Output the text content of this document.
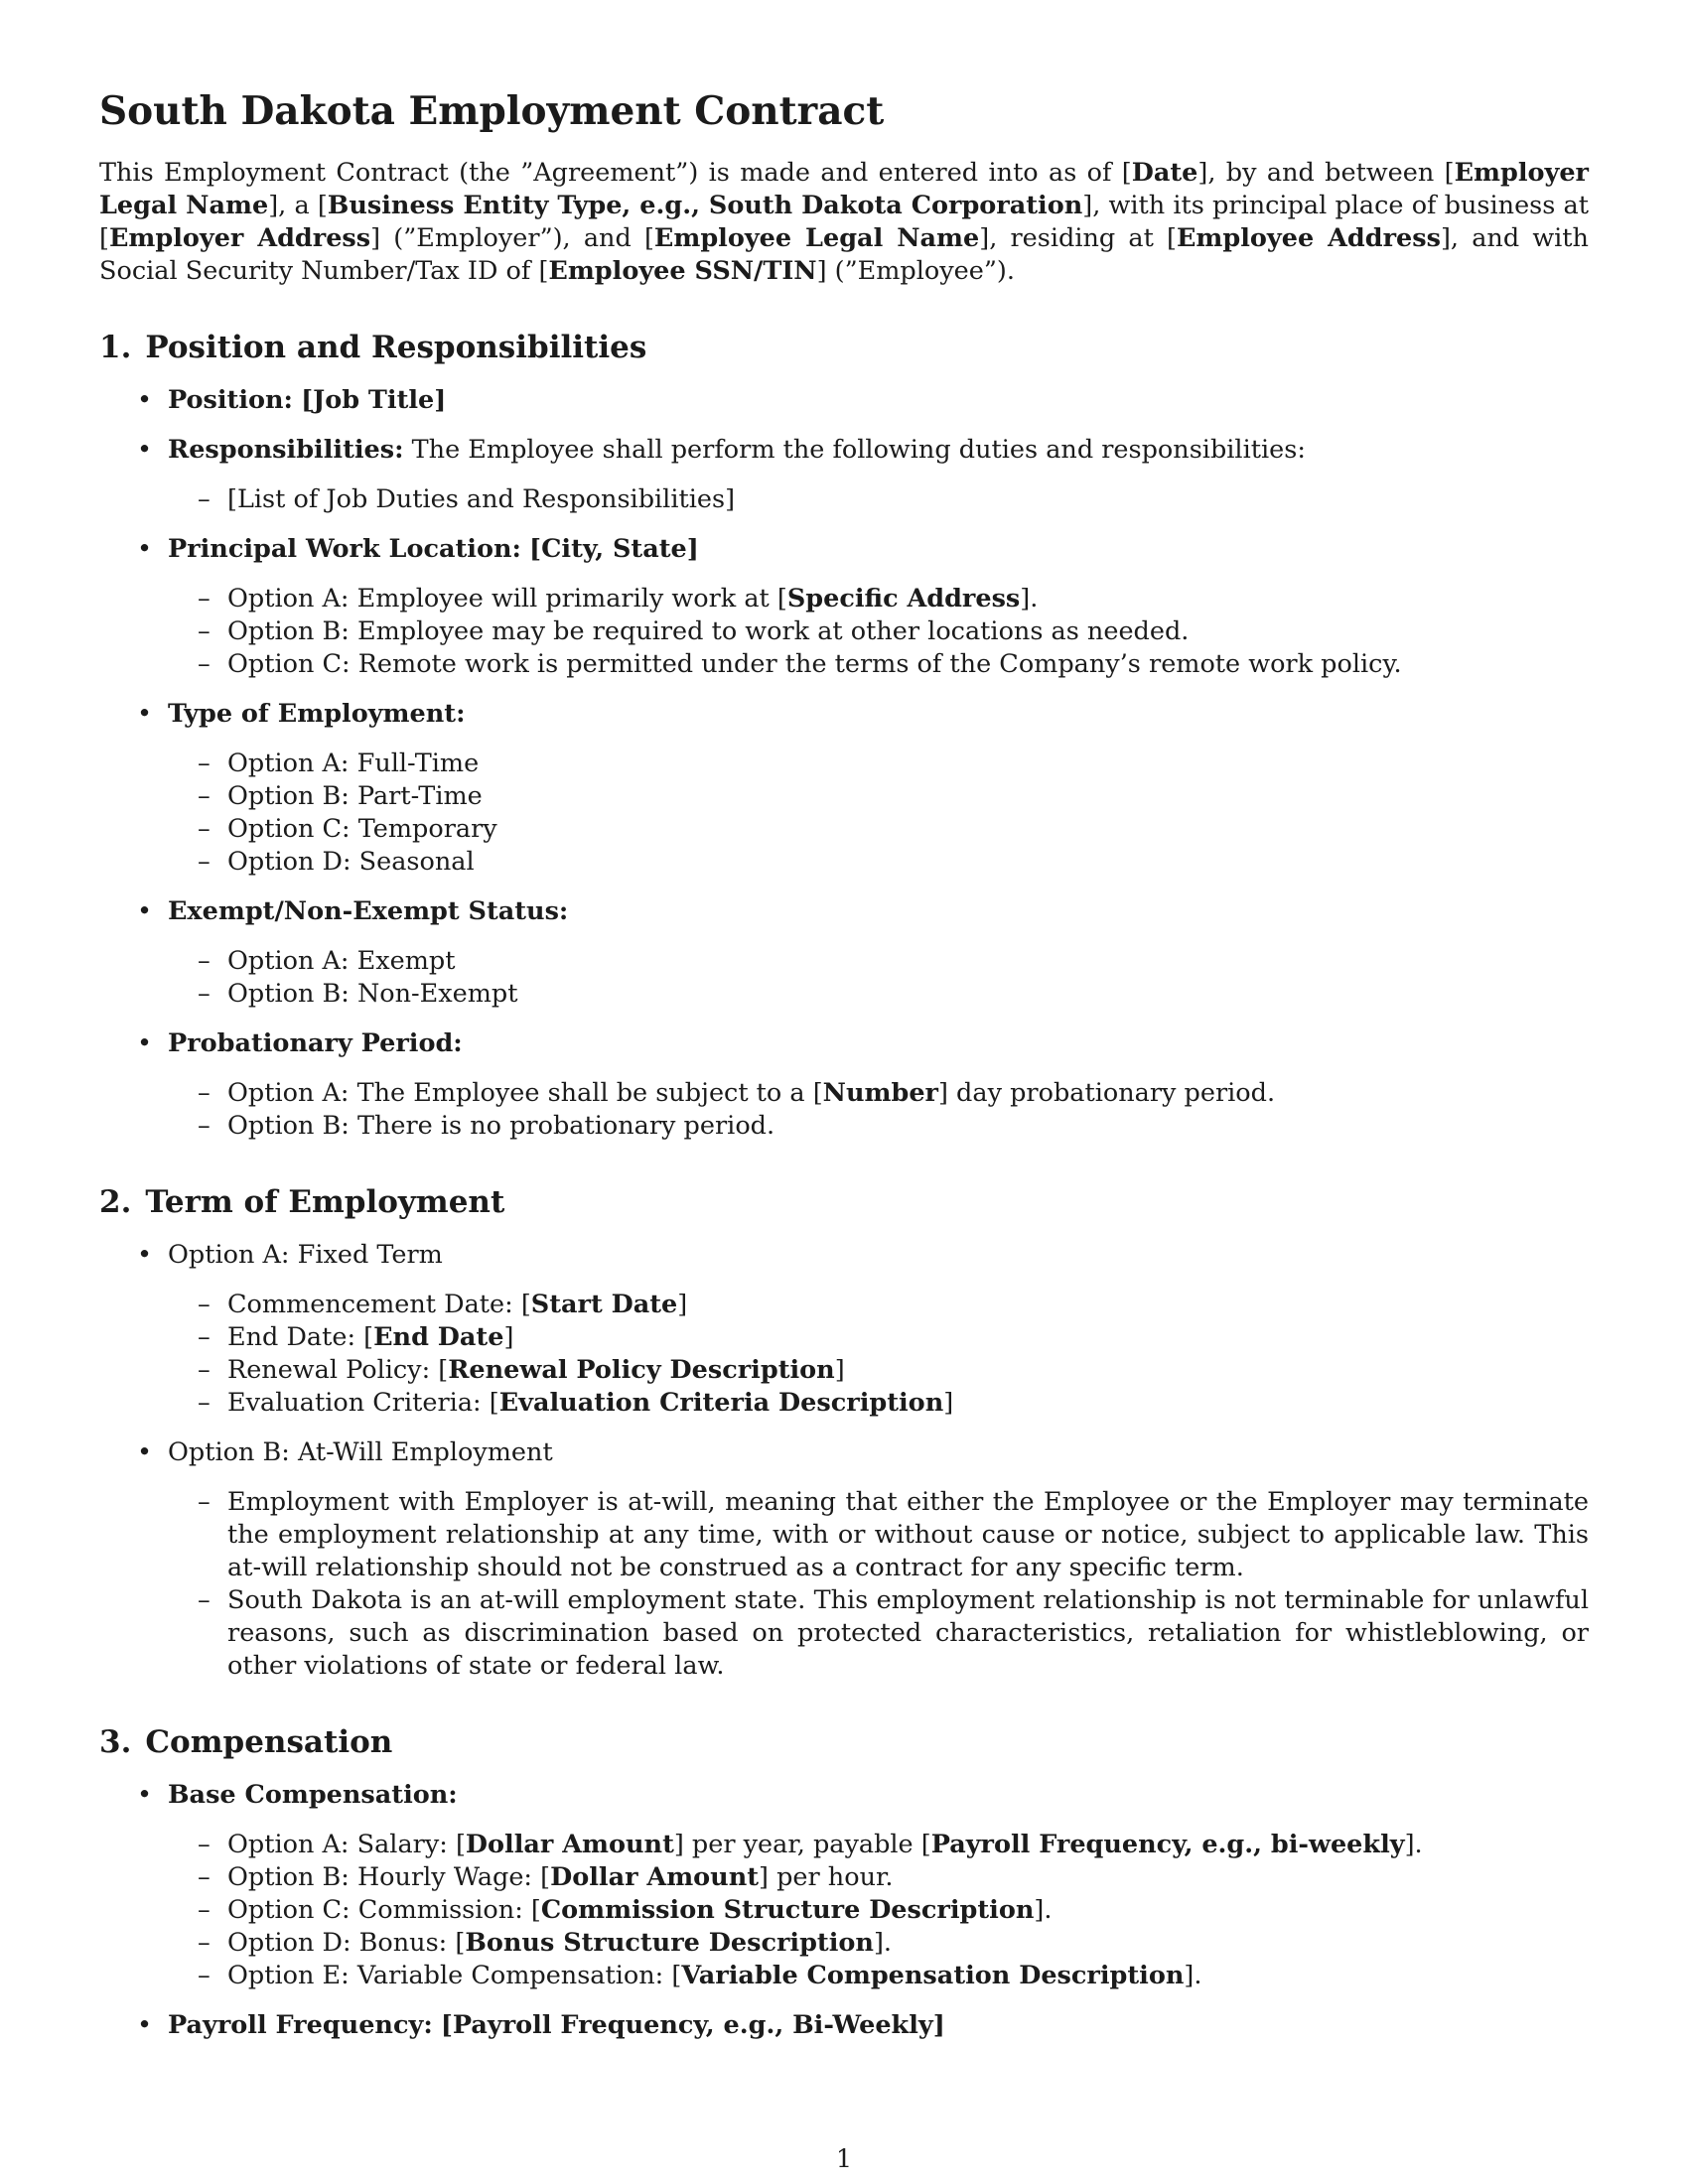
South Dakota Employment Contract

This Employment Contract (the ”Agreement”) is made and entered into as of [Date], by and between [Employer Legal Name], a [Business Entity Type, e.g., South Dakota Corporation], with its principal place of business at [Employer Address] (”Employer”), and [Employee Legal Name], residing at [Employee Address], and with Social Security Number/Tax ID of [Employee SSN/TIN] (”Employee”).

1. Position and Responsibilities
• Position: [Job Title]
• Responsibilities: The Employee shall perform the following duties and responsibilities:
– [List of Job Duties and Responsibilities]
• Principal Work Location: [City, State]
– Option A: Employee will primarily work at [Specific Address].
– Option B: Employee may be required to work at other locations as needed.
– Option C: Remote work is permitted under the terms of the Company’s remote work policy.
• Type of Employment:
– Option A: Full-Time
– Option B: Part-Time
– Option C: Temporary
– Option D: Seasonal
• Exempt/Non-Exempt Status:
– Option A: Exempt
– Option B: Non-Exempt
• Probationary Period:
– Option A: The Employee shall be subject to a [Number] day probationary period.
– Option B: There is no probationary period.
2. Term of Employment
• Option A: Fixed Term
– Commencement Date: [Start Date]
– End Date: [End Date]
– Renewal Policy: [Renewal Policy Description]
– Evaluation Criteria: [Evaluation Criteria Description]
• Option B: At-Will Employment
– Employment with Employer is at-will, meaning that either the Employee or the Employer may terminate the employment relationship at any time, with or without cause or notice, subject to applicable law. This at-will relationship should not be construed as a contract for any specific term.
– South Dakota is an at-will employment state. This employment relationship is not terminable for unlawful reasons, such as discrimination based on protected characteristics, retaliation for whistleblowing, or other violations of state or federal law.
3. Compensation
• Base Compensation:
– Option A: Salary: [Dollar Amount] per year, payable [Payroll Frequency, e.g., bi-weekly].
– Option B: Hourly Wage: [Dollar Amount] per hour.
– Option C: Commission: [Commission Structure Description].
– Option D: Bonus: [Bonus Structure Description].
– Option E: Variable Compensation: [Variable Compensation Description].
• Payroll Frequency: [Payroll Frequency, e.g., Bi-Weekly]
1
